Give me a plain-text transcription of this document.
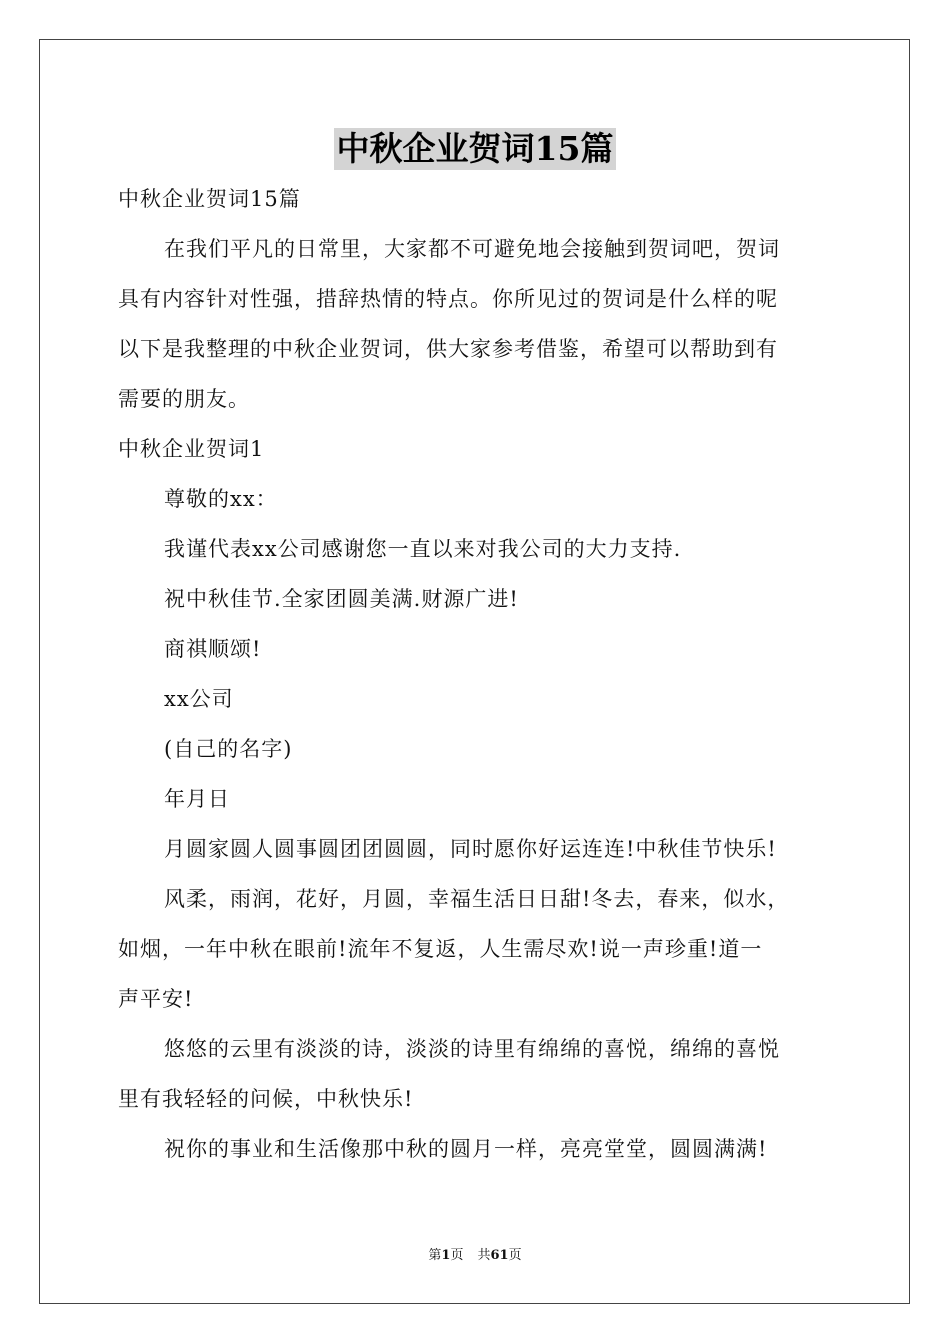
中秋企业贺词15篇
中秋企业贺词15篇
在我们平凡的日常里，大家都不可避免地会接触到贺词吧，贺词
具有内容针对性强，措辞热情的特点。你所见过的贺词是什么样的呢
以下是我整理的中秋企业贺词，供大家参考借鉴，希望可以帮助到有
需要的朋友。
中秋企业贺词1
尊敬的xx：
我谨代表xx公司感谢您一直以来对我公司的大力支持.
祝中秋佳节.全家团圆美满.财源广进!
商祺顺颂!
xx公司
(自己的名字)
年月日
月圆家圆人圆事圆团团圆圆，同时愿你好运连连!中秋佳节快乐!
风柔，雨润，花好，月圆，幸福生活日日甜!冬去，春来，似水，
如烟，一年中秋在眼前!流年不复返，人生需尽欢!说一声珍重!道一
声平安!
悠悠的云里有淡淡的诗，淡淡的诗里有绵绵的喜悦，绵绵的喜悦
里有我轻轻的问候，中秋快乐!
祝你的事业和生活像那中秋的圆月一样，亮亮堂堂，圆圆满满!
第1页 共61页
